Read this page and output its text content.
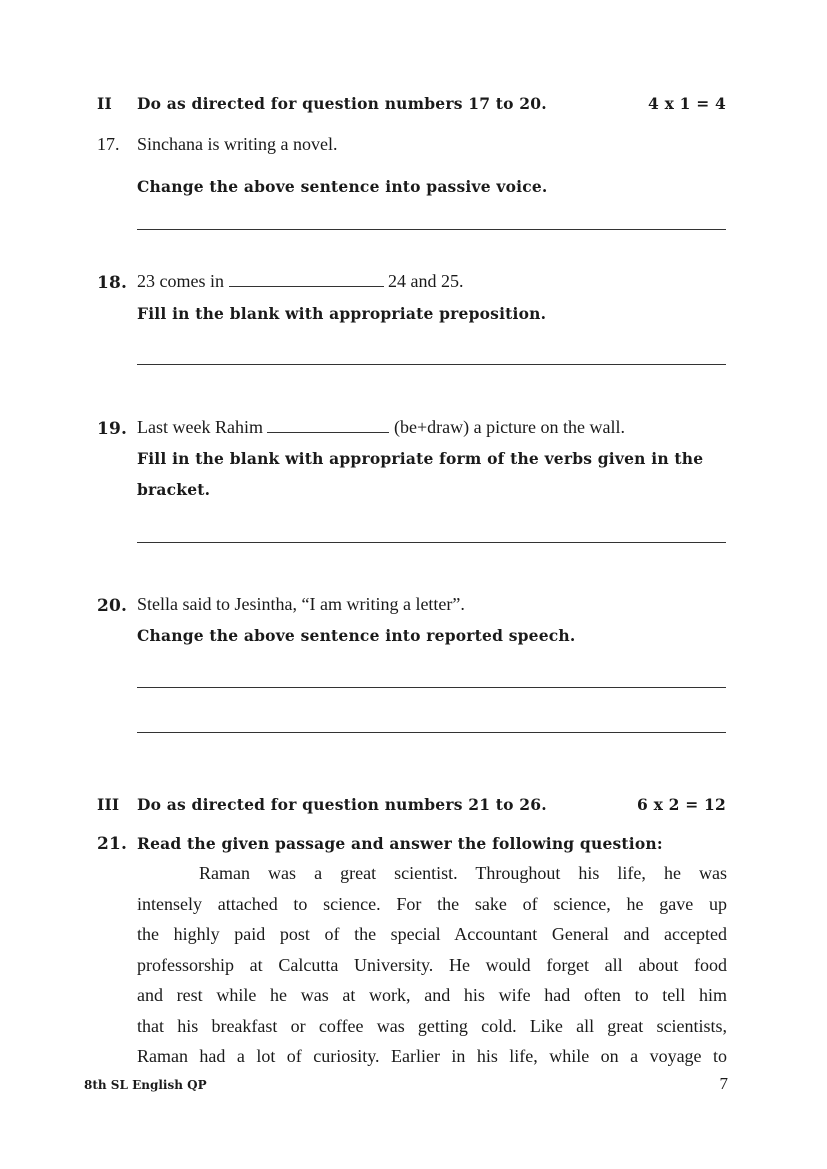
II Do as directed for question numbers 17 to 20.	4 x 1 = 4
17. Sinchana is writing a novel.
Change the above sentence into passive voice.
18. 23 comes in	24 and 25.
Fill in the blank with appropriate preposition.
19. Last week Rahim	(be+draw) a picture on the wall.
Fill in the blank with appropriate form of the verbs given in the
bracket.
20. Stella said to Jesintha, “I am writing a letter”.
Change the above sentence into reported speech.
III Do as directed for question numbers 21 to 26.	6 x 2 = 12
21. Read the given passage and answer the following question:
Raman was a great scientist. Throughout his life, he was
intensely attached to science. For the sake of science, he gave up
the highly paid post of the special Accountant General and accepted
professorship at Calcutta University. He would forget all about food
and rest while he was at work, and his wife had often to tell him
that his breakfast or coffee was getting cold. Like all great scientists,
Raman had a lot of curiosity. Earlier in his life, while on a voyage to
8th SL English QP	7
